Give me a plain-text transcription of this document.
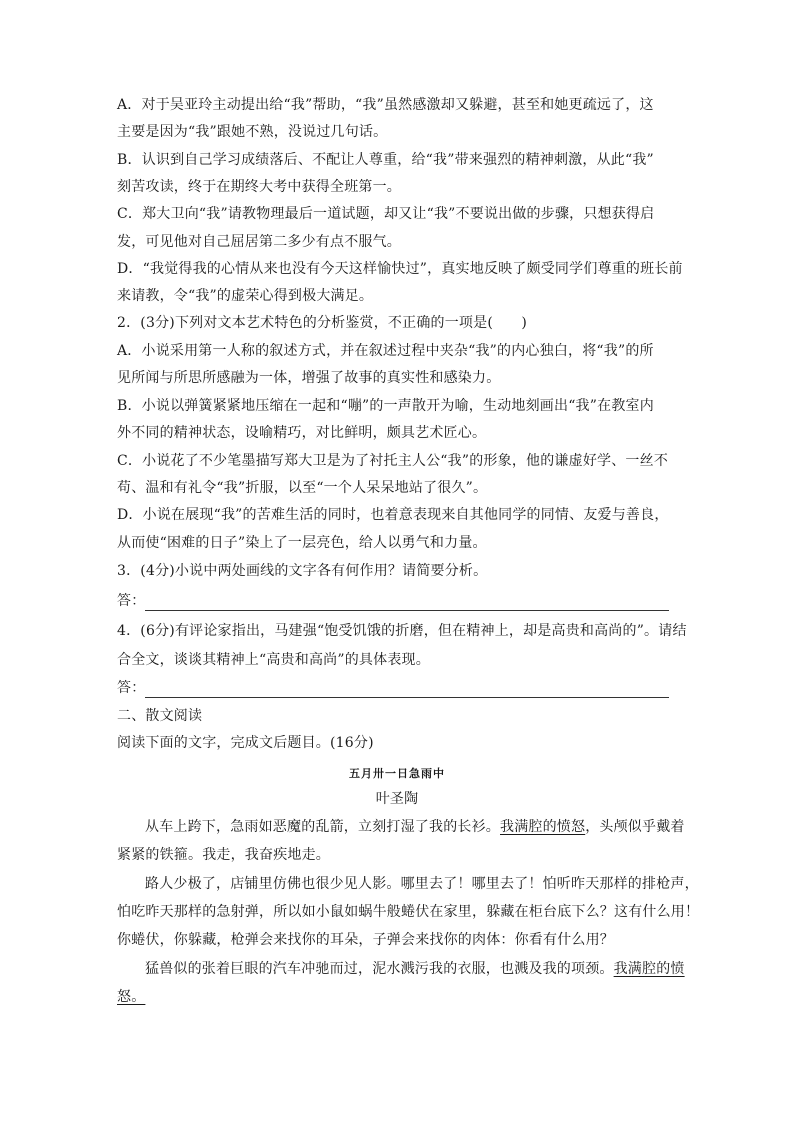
A．对于吴亚玲主动提出给“我”帮助，“我”虽然感激却又躲避，甚至和她更疏远了，这
主要是因为“我”跟她不熟，没说过几句话。
B．认识到自己学习成绩落后、不配让人尊重，给“我”带来强烈的精神刺激，从此“我”
刻苦攻读，终于在期终大考中获得全班第一。
C．郑大卫向“我”请教物理最后一道试题，却又让“我”不要说出做的步骤，只想获得启
发，可见他对自己屈居第二多少有点不服气。
D．“我觉得我的心情从来也没有今天这样愉快过”，真实地反映了颇受同学们尊重的班长前
来请教，令“我”的虚荣心得到极大满足。
2．(3分)下列对文本艺术特色的分析鉴赏，不正确的一项是(　　)
A．小说采用第一人称的叙述方式，并在叙述过程中夹杂“我”的内心独白，将“我”的所
见所闻与所思所感融为一体，增强了故事的真实性和感染力。
B．小说以弹簧紧紧地压缩在一起和“嘣”的一声散开为喻，生动地刻画出“我”在教室内
外不同的精神状态，设喻精巧，对比鲜明，颇具艺术匠心。
C．小说花了不少笔墨描写郑大卫是为了衬托主人公“我”的形象，他的谦虚好学、一丝不
苟、温和有礼令“我”折服，以至“一个人呆呆地站了很久”。
D．小说在展现“我”的苦难生活的同时，也着意表现来自其他同学的同情、友爱与善良，
从而使“困难的日子”染上了一层亮色，给人以勇气和力量。
3．(4分)小说中两处画线的文字各有何作用？请简要分析。
答：
4．(6分)有评论家指出，马建强“饱受饥饿的折磨，但在精神上，却是高贵和高尚的”。请结
合全文，谈谈其精神上“高贵和高尚”的具体表现。
答：
二、散文阅读
阅读下面的文字，完成文后题目。(16分)
五月卅一日急雨中
叶圣陶
从车上跨下，急雨如恶魔的乱箭，立刻打湿了我的长衫。我满腔的愤怒，头颅似乎戴着
紧紧的铁箍。我走，我奋疾地走。
路人少极了，店铺里仿佛也很少见人影。哪里去了！哪里去了！怕听昨天那样的排枪声，
怕吃昨天那样的急射弹，所以如小鼠如蜗牛般蜷伏在家里，躲藏在柜台底下么？这有什么用！
你蜷伏，你躲藏，枪弹会来找你的耳朵，子弹会来找你的肉体：你看有什么用？
猛兽似的张着巨眼的汽车冲驰而过，泥水溅污我的衣服，也溅及我的项颈。我满腔的愤
怒。
